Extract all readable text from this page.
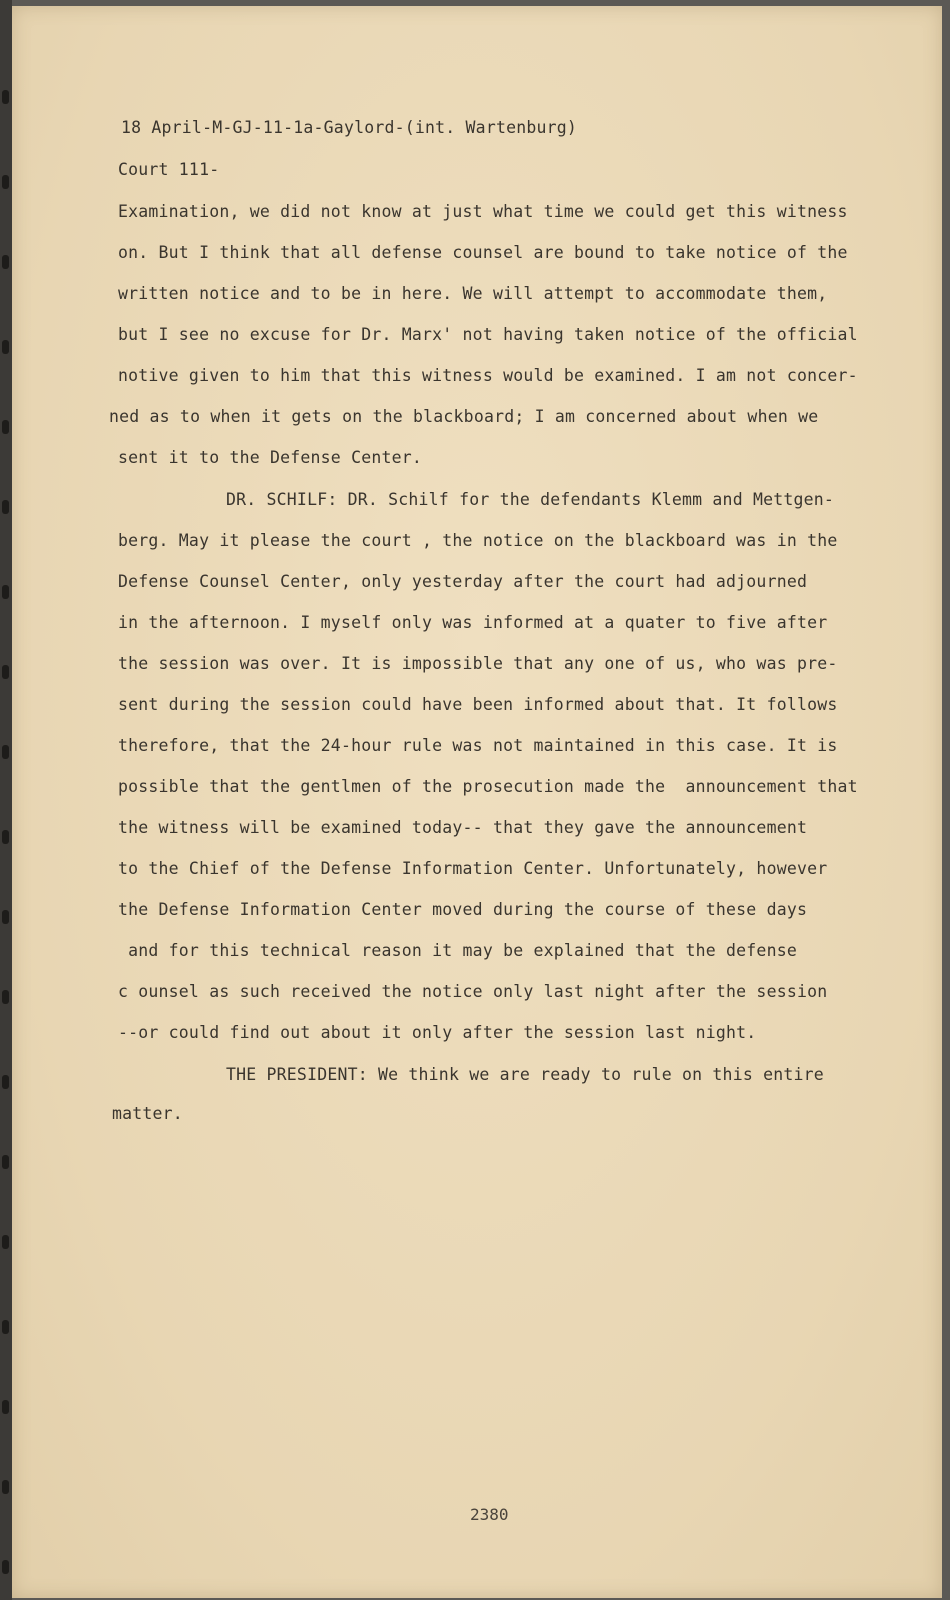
18 April-M-GJ-11-1a-Gaylord-(int. Wartenburg)

Court 111-

Examination, we did not know at just what time we could get this witness

on. But I think that all defense counsel are bound to take notice of the

written notice and to be in here. We will attempt to accommodate them,

but I see no excuse for Dr. Marx' not having taken notice of the official

notive given to him that this witness would be examined. I am not concer-

ned as to when it gets on the blackboard; I am concerned about when we

sent it to the Defense Center.

DR. SCHILF: DR. Schilf for the defendants Klemm and Mettgen-

berg. May it please the court , the notice on the blackboard was in the

Defense Counsel Center, only yesterday after the court had adjourned

in the afternoon. I myself only was informed at a quater to five after

the session was over. It is impossible that any one of us, who was pre-

sent during the session could have been informed about that. It follows

therefore, that the 24-hour rule was not maintained in this case. It is

possible that the gentlmen of the prosecution made the  announcement that

the witness will be examined today-- that they gave the announcement

to the Chief of the Defense Information Center. Unfortunately, however

the Defense Information Center moved during the course of these days

and for this technical reason it may be explained that the defense

c ounsel as such received the notice only last night after the session

--or could find out about it only after the session last night.

THE PRESIDENT: We think we are ready to rule on this entire

matter.

2380
